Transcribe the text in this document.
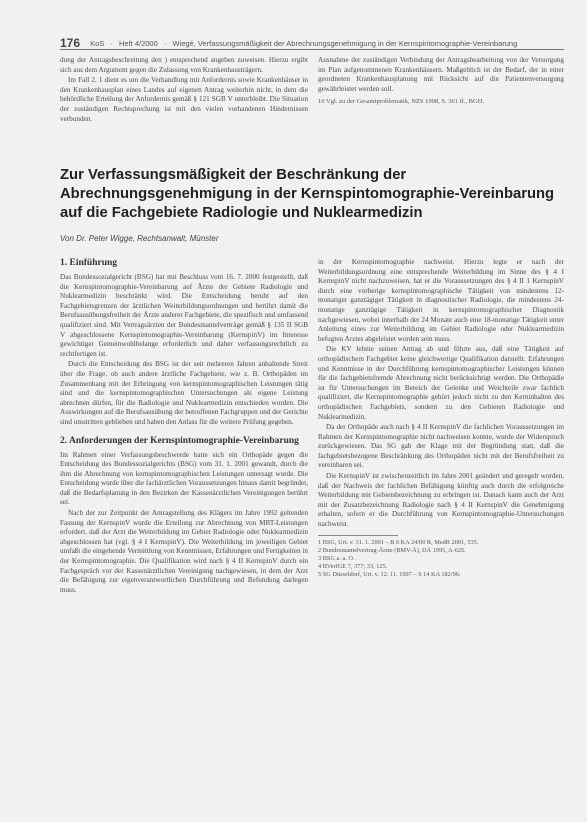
176 KoS · Heft 4/2000 · Wiegé, Verfassungsmäßigkeit der Abrechnungsgenehmigung in der Kernspintomographie-Vereinbarung

dung der Antragsbeschreitung den ) entsprechend angeben zuweisen. Hierzu ergibt sich aus dem Argument gegen die Zulassung von Krankenhausträgern.

Im Fall 2. 1 dient es um die Verhandlung mit Anfordernis sowie Krankenhäuser in den Krankenhausplan eines Landes auf eigenen Antrag weiterhin nicht, in dem die behördliche Erteilung der Anfordernis gemäß § 121 SGB V unterbleibt. Die Situation der zuständigen Rechtsprechung ist mit den vielen vorhandenen Hindernissen verbunden.

Ausnahme der zuständigen Verbindung der Antragsbearbeitung von der Versorgung im Plan aufgenommenen Krankenhäusern. Maßgeblich ist der Bedarf, der in einer geordneten Krankenhausplanung mit Rücksicht auf die Patientenversorgung gewährleistet werden soll.

10 Vgl. zu der Gesamtproblematik, NZS 1998, S. 361 ff., BGH.
Zur Verfassungsmäßigkeit der Beschränkung der Abrechnungsgenehmigung in der Kernspintomographie-Vereinbarung auf die Fachgebiete Radiologie und Nuklearmedizin
Von Dr. Peter Wigge, Rechtsanwalt, Münster
1. Einführung

Das Bundessozialgericht (BSG) hat mit Beschluss vom 16. 7. 2000 festgestellt, daß die Kernspintomographie-Vereinbarung auf Ärzte der Gebiete Radiologie und Nuklearmedizin beschränkt wird. Die Entscheidung beruht auf den Fachgebietsgrenzen der ärztlichen Weiterbildungsordnungen und berührt damit die Berufsausübungsfreiheit der Ärzte anderer Fachgebiete, die spezifisch und umfassend qualifiziert sind. Mit Vertragsärzten der Bundesmantelverträge gemäß § 135 II SGB V abgeschlossene Kernspintomographie-Vereinbarung (KernspinV) im Interesse gewichtiger Gemeinwohlbelange erforderlich und daher verfassungsrechtlich zu rechtfertigen ist.

Durch die Entscheidung des BSG ist der seit mehreren Jahren anhaltende Streit über die Frage, ob auch andere ärztliche Fachgebiete, wie z. B. Orthopäden im Zusammenhang mit der Erbringung von kernspintomographischen Leistungen tätig sind und die kernspintomographischen Untersuchungen als eigene Leistung abrechnen dürfen, für die Radiologie und Nuklearmedizin entschieden worden. Die Auswirkungen auf die Berufsausübung der betroffenen Fachgruppen und der Gerichte sind umstritten geblieben und haben den Anlass für die weitere Prüfung gegeben.

2. Anforderungen der Kernspintomographie-Vereinbarung

Im Rahmen einer Verfassungsbeschwerde hatte sich ein Orthopäde gegen die Entscheidung des Bundessozialgerichts (BSG) vom 31. 1. 2001 gewandt, durch die ihm die Abrechnung von kernspintomographischen Leistungen untersagt wurde. Die Entscheidung wurde über die fachärztlichen Voraussetzungen hinaus damit begründet, daß die Bedarfsplanung in den Bezirken der Kassenärztlichen Vereinigungen berührt sei.

Nach der zur Zeitpunkt der Antragstellung des Klägers im Jahre 1992 geltenden Fassung der KernspinV wurde die Erteilung zur Abrechnung von MRT-Leistungen erfordert, daß der Arzt die Weiterbildung im Gebiet Radiologie oder Nuklearmedizin abgeschlossen hat (vgl. § 4 I KernspinV). Die Weiterbildung im jeweiligen Gebiet umfaßt die eingehende Vermittlung von Kenntnissen, Erfahrungen und Fertigkeiten in der Kernspintomographie. Die Qualifikation wird nach § 4 II KernspinV durch ein Fachgespräch vor der Kassenärztlichen Vereinigung nachgewiesen, in dem der Arzt die Befähigung zur eigenverantwortlichen Durchführung und Befundung darlegen muss.

in der Kernspintomographie nachweist. Hierzu legte er nach der Weiterbildungsordnung eine entsprechende Weiterbildung im Sinne des § 4 I KernspinV nicht nachzuweisen, hat er die Voraussetzungen des § 4 II 1 KernspinV durch eine vorherige kernspintomographische Tätigkeit von mindestens 12-monatiger ganztägiger Tätigkeit in diagnostischer Radiologie, die mindestens 24-monatige ganztägige Tätigkeit in kernspintomographischer Diagnostik nachgewiesen, wobei innerhalb der 24 Monate auch eine 18-monatige Tätigkeit unter Anleitung eines zur Weiterbildung im Gebiet Radiologie oder Nuklearmedizin befugten Arztes abgeleistet worden sein muss.

Die KV lehnte seinen Antrag ab und führte aus, daß eine Tätigkeit auf orthopädischem Fachgebiet keine gleichwertige Qualifikation darstellt. Erfahrungen und Kenntnisse in der Durchführung kernspintomographischer Leistungen können für die fachgebietsfremde Abrechnung nicht berücksichtigt werden. Die Orthopädie ist für Untersuchungen im Bereich der Gelenke und Weichteile zwar fachlich qualifiziert, die Kernspintomographie gehört jedoch nicht zu den Kerninhalten des orthopädischen Fachgebiets, sondern zu den Gebieten Radiologie und Nuklearmedizin.

Da der Orthopäde auch nach § 4 II KernspinV die fachlichen Voraussetzungen im Rahmen der Kernspintomographie nicht nachweisen konnte, wurde der Widerspruch zurückgewiesen. Das SG gab der Klage mit der Begründung statt, daß die fachgebietsbezogene Beschränkung des Orthopäden nicht mit der Berufsfreiheit zu vereinbaren sei.

Die KernspinV ist zwischenzeitlich im Jahre 2001 geändert und geregelt worden, daß der Nachweis der fachlichen Befähigung künftig auch durch die erfolgreiche Weiterbildung mit Gebietsbezeichnung zu erbringen ist. Danach kann auch der Arzt mit der Zusatzbezeichnung Radiologie nach § 4 II KernspinV die Genehmigung erhalten, sofern er die Durchführung von Kernspintomographie-Untersuchungen nachweist.

1 BSG, Urt. v. 31. 1. 2001 – B 6 KA 24/00 R, MedR 2001, 535.

2 Bundesmantelvertrag-Ärzte (BMV-Ä), DÄ 1995, A-625.

3 BSG a. a. O.

4 BVerfGE 7, 377; 33, 125.

5 SG Düsseldorf, Urt. v. 12. 11. 1997 – S 14 KA 182/96.
